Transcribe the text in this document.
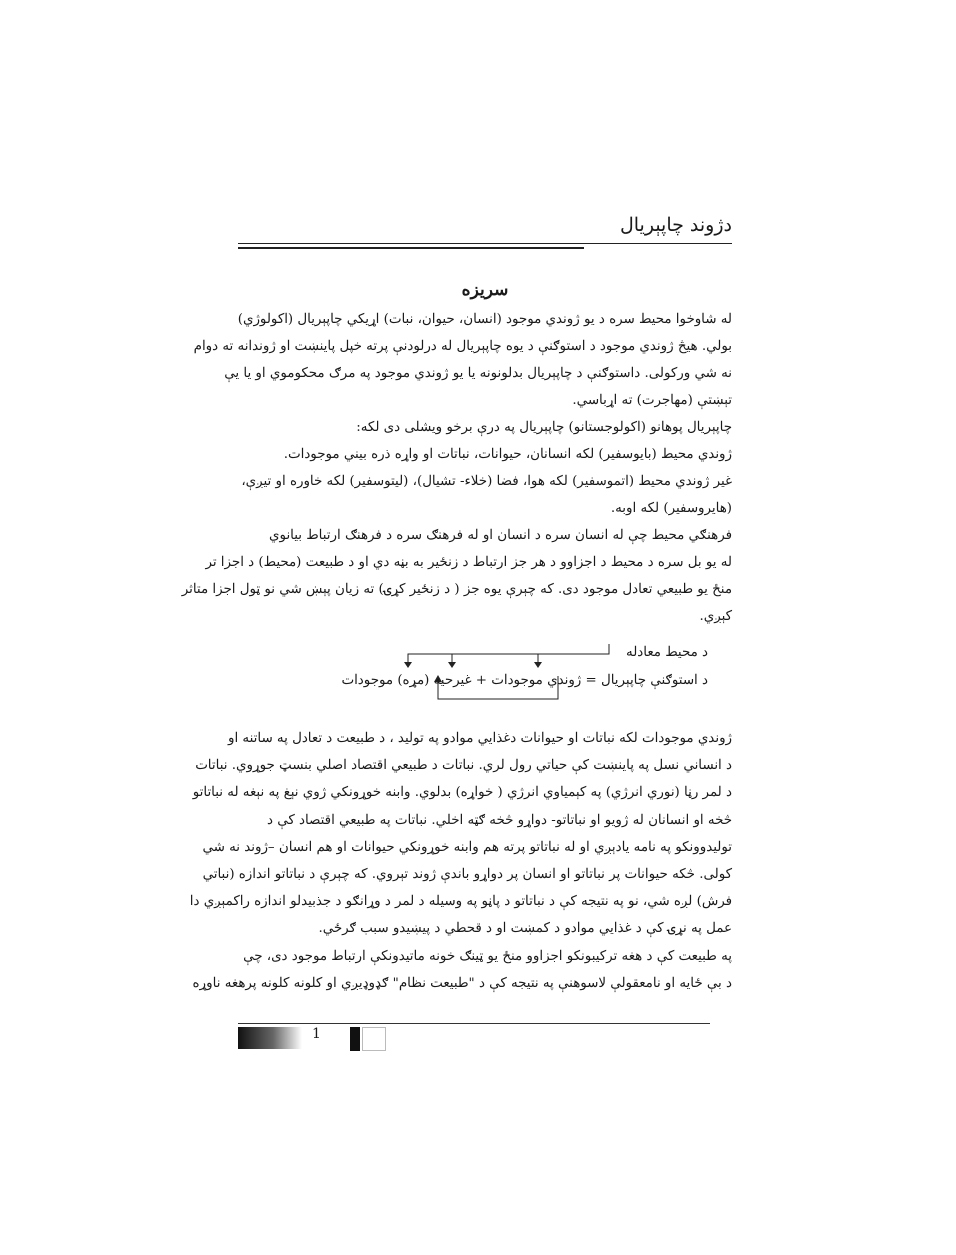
دژوند چاپېريال
سريزه
له شاوخوا محيط سره د يو ژوندي موجود (انسان، حيوان، نبات) اړيکي چاپېريال (اکولوژي)
بولي. هيڅ ژوندي موجود د استوګنې د يوه چاپېريال له درلودنې پرته خپل پاينښت او ژوندانه ته دوام
نه شي ورکولی. داستوګنې د چاپېريال بدلونونه يا يو ژوندي موجود په مرګ محکوموي او يا يې
تېښتې (مهاجرت) ته اړباسي.
چاپېريال پوهانو (اکولوجستانو) چاپېريال په درې برخو ويشلی دی لکه:
ژوندي محيط (بايوسفير) لکه انسانان، حيوانات، نباتات او واړه ذره بيني موجودات.
غير ژوندي محيط (اتموسفير) لکه هوا، فضا (خلاء- تشيال)، (ليتوسفير) لکه خاوره او تيږې،
(هايروسفير) لکه اوبه.
فرهنګي محيط چې له انسان سره د انسان او له فرهنګ سره د فرهنګ ارتباط بيانوي
له يو بل سره د محيط د اجزاوو د هر جز ارتباط د زنځير به بڼه دي او د طبيعت (محيط) د اجزا تر
منځ يو طبيعي تعادل موجود دی. که چېرې يوه جز ( د زنځير کړۍ) ته زيان پېښ شي نو ټول اجزا متاثر
کېږي.
د محيط معادله
د استوګنې چاپېريال = ژوندي موجودات + غيرحيه (مړه) موجودات
ژوندي موجودات لکه نباتات او حيوانات دغذايي موادو په توليد ، د طبيعت د تعادل په ساتنه او
د انساني نسل په پاينښت کې حياتي رول لري. نباتات د طبيعي اقتصاد اصلي بنسټ جوړوي. نباتات
د لمر رڼا (نوري انرژي) په کېمياوي انرژي ( خواړه) بدلوي. وابنه خوړونکي ژوي نېغ په نېغه له نباتاتو
څخه او انسانان له ژويو او نباتاتو- دواړو څخه ګټه اخلي. نباتات په طبيعي اقتصاد کې د
توليدوونکو په نامه يادېږي او له نباتاتو پرته هم وابنه خوړونکي حيوانات او هم انسان –ژوند نه شي
کولی. څکه حيوانات پر نباتاتو او انسان پر دواړو باندې ژوند تېروي. که چېرې د نباتاتو اندازه (نباتي
فرش) لږه شي، نو په نتيجه کې د نباتاتو د پاڼو په وسيله د لمر د وړانګو د جذبيدلو اندازه راکمېږي دا
عمل په نړۍ کې د غذايي موادو د کمښت او د قحطي د پيښيدو سبب ګرځي.
په طبيعت کې د هغه ترکيبونکو اجزاوو منځ يو ټينګ خونه ماتيدونکې ارتباط موجود دی، چې
د بې ځايه او نامعقولې لاسوهنې په نتيجه کې د "طبيعت نظام" ګډوډيږي او کلونه کلونه پرهغه ناوړه
1
